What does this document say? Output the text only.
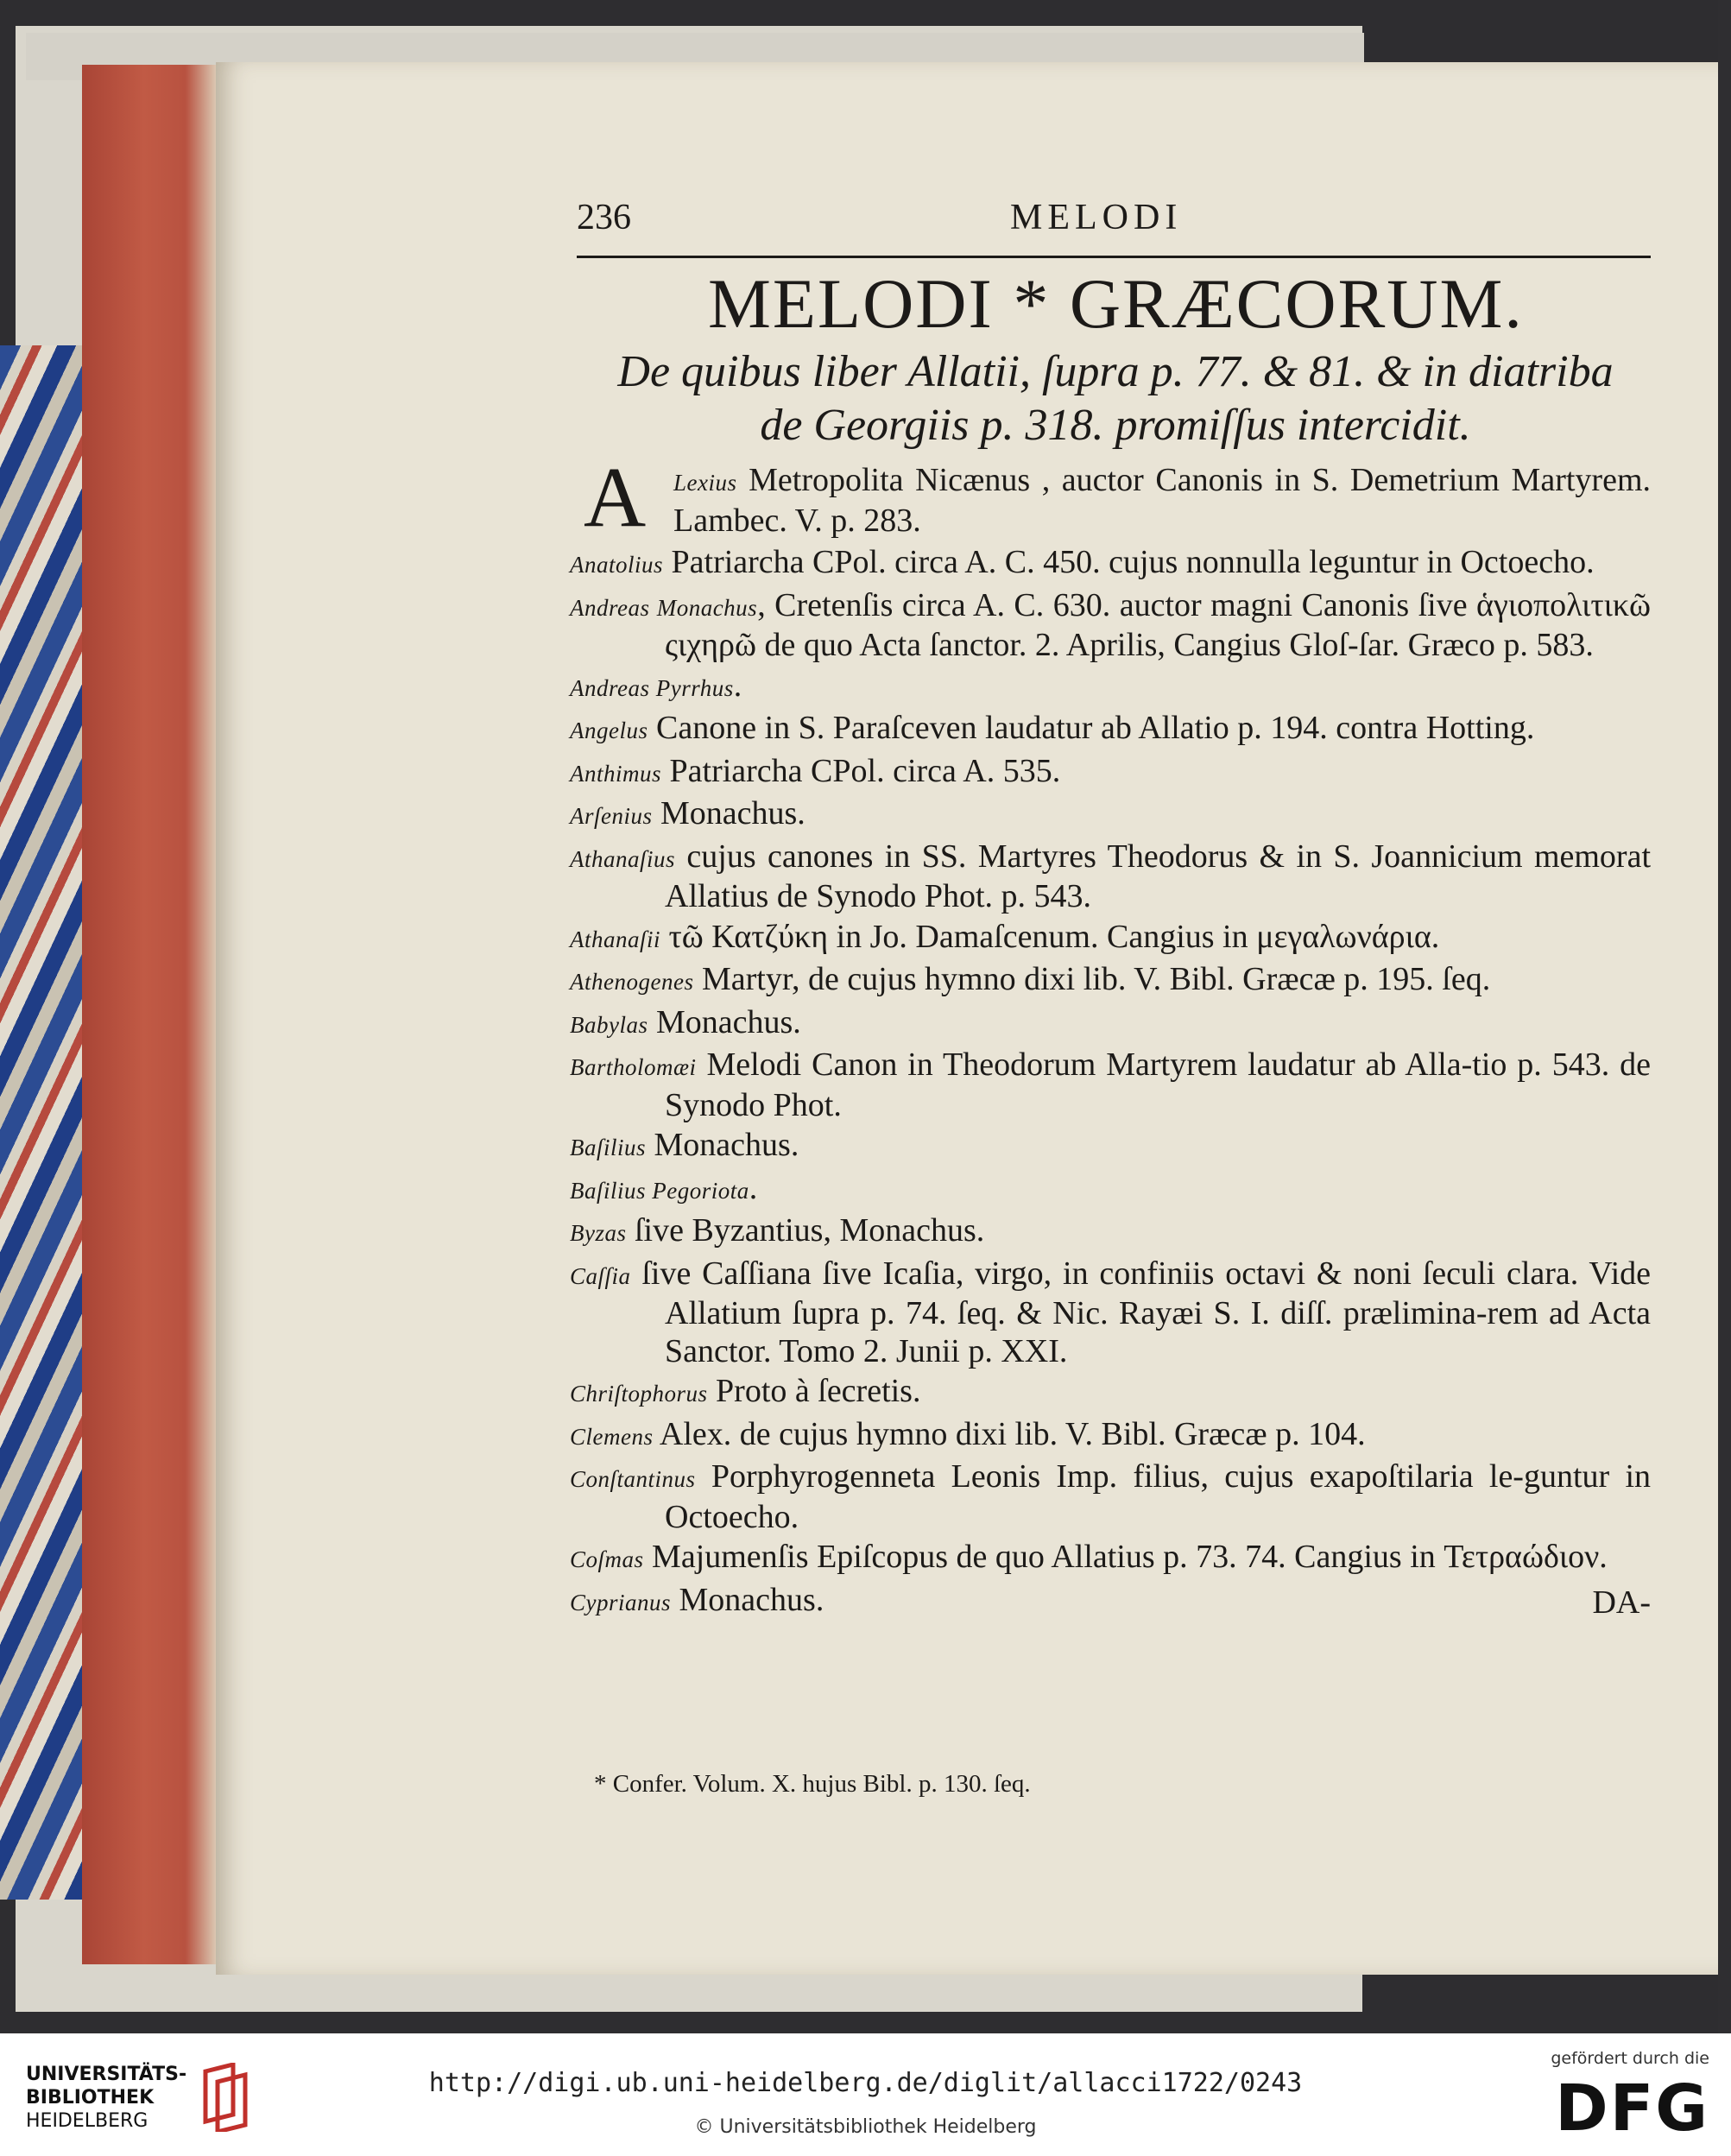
236	MELODI
MELODI * GRÆCORUM.
De quibus liber Allatii, ſupra p. 77. & 81. & in diatriba
de Georgiis p. 318. promiſſus intercidit.
A Lexius Metropolita Nicænus , auctor Canonis in S. Demetrium Martyrem. Lambec. V. p. 283.
Anatolius Patriarcha CPol. circa A. C. 450. cujus nonnulla leguntur in Octoecho.
Andreas Monachus, Cretenſis circa A. C. 630. auctor magni Canonis ſive ἁγιοπολιτικῶ ςιχηρῶ de quo Acta ſanctor. 2. Aprilis, Cangius Gloſ-ſar. Græco p. 583.
Andreas Pyrrhus.
Angelus Canone in S. Paraſceven laudatur ab Allatio p. 194. contra Hotting.
Anthimus Patriarcha CPol. circa A. 535.
Arſenius Monachus.
Athanaſius cujus canones in SS. Martyres Theodorus & in S. Joannicium memorat Allatius de Synodo Phot. p. 543.
Athanaſii τῶ Κατζύκη in Jo. Damaſcenum. Cangius in μεγαλωνάρια.
Athenogenes Martyr, de cujus hymno dixi lib. V. Bibl. Græcæ p. 195. ſeq.
Babylas Monachus.
Bartholomæi Melodi Canon in Theodorum Martyrem laudatur ab Alla-tio p. 543. de Synodo Phot.
Baſilius Monachus.
Baſilius Pegoriota.
Byzas ſive Byzantius, Monachus.
Caſſia ſive Caſſiana ſive Icaſia, virgo, in confiniis octavi & noni ſeculi clara. Vide Allatium ſupra p. 74. ſeq. & Nic. Rayæi S. I. diſſ. prælimina-rem ad Acta Sanctor. Tomo 2. Junii p. XXI.
Chriſtophorus Proto à ſecretis.
Clemens Alex. de cujus hymno dixi lib. V. Bibl. Græcæ p. 104.
Conſtantinus Porphyrogenneta Leonis Imp. filius, cujus exapoſtilaria le-guntur in Octoecho.
Coſmas Majumenſis Epiſcopus de quo Allatius p. 73. 74. Cangius in Τετραώδιον.
Cyprianus Monachus.	DA-
* Confer. Volum. X. hujus Bibl. p. 130. ſeq.
UNIVERSITÄTS-
BIBLIOTHEK
HEIDELBERG
http://digi.ub.uni-heidelberg.de/diglit/allacci1722/0243
© Universitätsbibliothek Heidelberg
gefördert durch die
DFG
